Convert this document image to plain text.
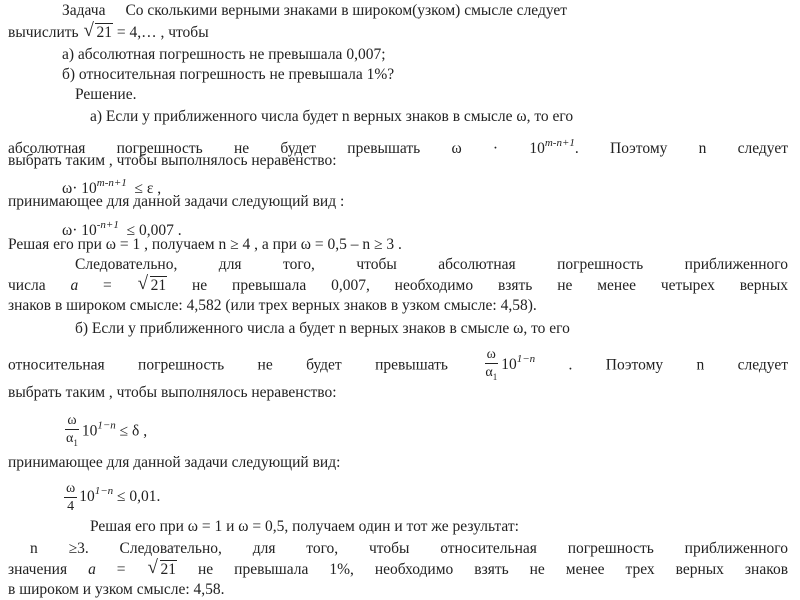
Задача Со сколькими верными знаками в широком(узком) смысле следует
вычислить √ 21 = 4,… , чтобы
а) абсолютная погрешность не превышала 0,007;
б) относительная погрешность не превышала 1%?
Решение.
а) Если у приближенного числа будет n верных знаков в смысле ω, то его
абсолютная погрешность не будет превышать $\omega \cdot 10^{m-n+1}$. Поэтому n следует
выбрать таким , чтобы выполнялось неравенство:
$\omega\cdot 10^{m-n+1} \le \varepsilon$ ,
принимающее для данной задачи следующий вид :
$\omega\cdot 10^{-n+1} \le 0,007$ .
Решая его при ω = 1 , получаем n ≥ 4 , а при ω = 0,5 – n ≥ 3 .
Следовательно, для того, чтобы абсолютная погрешность приближенного
числа a = √ 21 не превышала 0,007, необходимо взять не менее четырех верных
знаков в широком смысле: 4,582 (или трех верных знаков в узком смысле: 4,58).
б) Если у приближенного числа a будет n верных знаков в смысле ω, то его
относительная погрешность не будет превышать	$\frac{\omega}{\alpha_1} 10^{1-n}$ . Поэтому n следует
выбрать таким , чтобы выполнялось неравенство:
$\frac{\omega}{\alpha_1} 10^{1-n} \le \delta$ ,
принимающее для данной задачи следующий вид:
$\frac{\omega}{4} 10^{1-n} \le 0,01$.
Решая его при ω = 1 и ω = 0,5, получаем один и тот же результат:
n ≥3. Следовательно, для того, чтобы относительная погрешность приближенного
значения a = √ 21 не превышала 1%, необходимо взять не менее трех верных знаков
в широком и узком смысле: 4,58.
